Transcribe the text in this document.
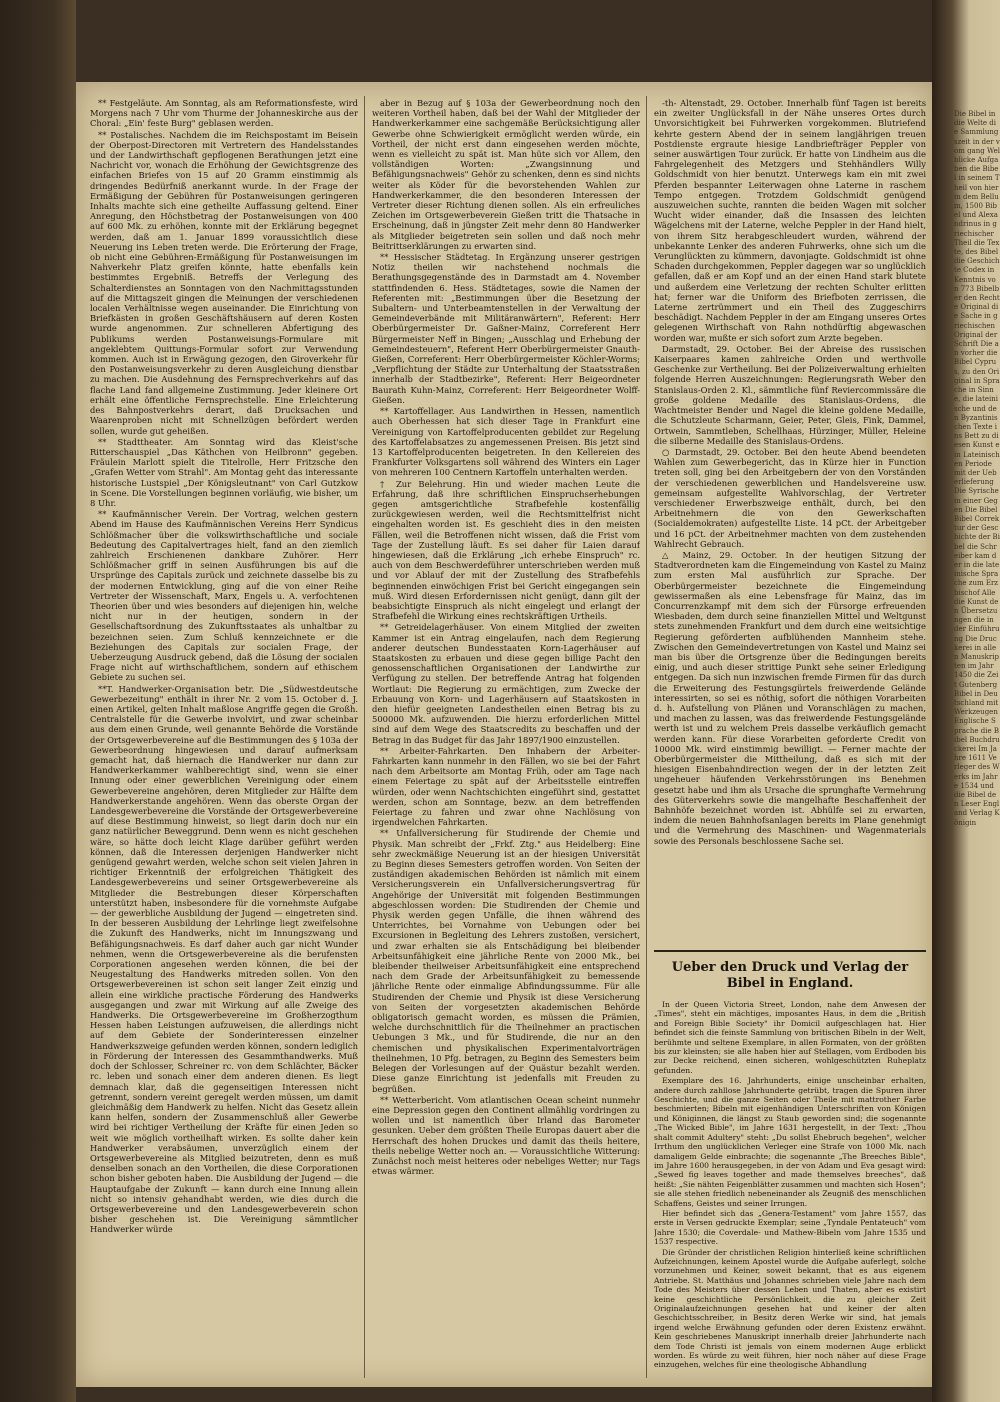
** Festgeläute. Am Sonntag, als am Reformationsfeste, wird Morgens nach 7 Uhr vom Thurme der Johanneskirche aus der Choral: „Ein' feste Burg" geblasen werden.

** Postalisches. Nachdem die im Reichspostamt im Beisein der Oberpost-Directoren mit Vertretern des Handelsstandes und der Landwirthschaft gepflogenen Berathungen jetzt eine Nachricht vor, wonach die Erhöhung der Gewichtsgrenze des einfachen Briefes von 15 auf 20 Gramm einstimmig als dringendes Bedürfniß anerkannt wurde. In der Frage der Ermäßigung der Gebühren für Postanweisungen geringeren Inhalts machte sich eine getheilte Auffassung geltend. Einer Anregung, den Höchstbetrag der Postanweisungen von 400 auf 600 Mk. zu erhöhen, konnte mit der Erklärung begegnet werden, daß am 1. Januar 1899 voraussichtlich diese Neuerung ins Leben treten werde. Die Erörterung der Frage, ob nicht eine Gebühren-Ermäßigung für Postanweisungen im Nahverkehr Platz greifen könnte, hatte ebenfalls kein bestimmtes Ergebniß. Betreffs der Verlegung des Schalterdienstes an Sonntagen von den Nachmittagsstunden auf die Mittagszeit gingen die Meinungen der verschiedenen localen Verhältnisse wegen auseinander. Die Einrichtung von Briefkästen in großen Geschäftshäusern auf deren Kosten wurde angenommen. Zur schnelleren Abfertigung des Publikums werden Postanweisungs-Formulare mit angeklebtem Quittungs-Formular sofort zur Verwendung kommen. Auch ist in Erwägung gezogen, den Giroverkehr für den Postanweisungsverkehr zu deren Ausgleichung dienstbar zu machen. Die Ausdehnung des Fernsprechverkehrs auf das flache Land fand allgemeine Zustimmung. Jeder kleinere Ort erhält eine öffentliche Fernsprechstelle. Eine Erleichterung des Bahnpostverkehrs derart, daß Drucksachen und Waarenproben nicht mit Schnellzügen befördert werden sollen, wurde gut geheißen.

** Stadttheater. Am Sonntag wird das Kleist'sche Ritterschauspiel „Das Käthchen von Heilbronn" gegeben. Fräulein Marlott spielt die Titelrolle, Herr Fritzsche den „Grafen Wetter vom Strahl". Am Montag geht das interessante historische Lustspiel „Der Königsleutnant" von Carl Gutzkow in Scene. Die Vorstellungen beginnen vorläufig, wie bisher, um 8 Uhr.

** Kaufmännischer Verein. Der Vortrag, welchen gestern Abend im Hause des Kaufmännischen Vereins Herr Syndicus Schlößmacher über die volkswirthschaftliche und sociale Bedeutung des Capitalvertrages hielt, fand an den ziemlich zahlreich Erschienenen dankbare Zuhörer. Herr Schlößmacher griff in seinen Ausführungen bis auf die Ursprünge des Capitals zurück und zeichnete dasselbe bis zu der modernen Entwicklung, ging auf die von einer Reihe Vertreter der Wissenschaft, Marx, Engels u. A. verfochtenen Theorien über und wies besonders auf diejenigen hin, welche nicht nur in der heutigen, sondern in der Gesellschaftsordnung des Zukunftsstaates als unhaltbar zu bezeichnen seien. Zum Schluß kennzeichnete er die Beziehungen des Capitals zur socialen Frage, der Ueberzeugung Ausdruck gebend, daß die Lösung der socialen Frage nicht auf wirthschaftlichem, sondern auf ethischem Gebiete zu suchen sei.

**T. Handwerker-Organisation betr. Die „Südwestdeutsche Gewerbezeitung" enthält in ihrer Nr. 2 vom 15. October d. J. einen Artikel, gelten Inhalt maßlose Angriffe gegen die Großh. Centralstelle für die Gewerbe involvirt, und zwar scheinbar aus dem einen Grunde, weil genannte Behörde die Vorstände der Ortsgewerbevereine auf die Bestimmungen des § 103a der Gewerbeordnung hingewiesen und darauf aufmerksam gemacht hat, daß hiernach die Handwerker nur dann zur Handwerkerkammer wahlberechtigt sind, wenn sie einer Innung oder einer gewerblichen Vereinigung oder einem Gewerbevereine angehören, deren Mitglieder zur Hälfte dem Handwerkerstande angehören. Wenn das oberste Organ der Landesgewerbevereine die Vorstände der Ortsgewerbevereine auf diese Bestimmung hinweist, so liegt darin doch nur ein ganz natürlicher Beweggrund. Denn wenn es nicht geschehen wäre, so hätte doch leicht Klage darüber geführt werden können, daß die Interessen derjenigen Handwerker nicht genügend gewahrt werden, welche schon seit vielen Jahren in richtiger Erkenntniß der erfolgreichen Thätigkeit des Landesgewerbevereins und seiner Ortsgewerbevereine als Mitglieder die Bestrebungen dieser Körperschaften unterstützt haben, insbesondere für die vornehmste Aufgabe — der gewerbliche Ausbildung der Jugend — eingetreten sind. In der besseren Ausbildung der Lehrlinge liegt zweifelsohne die Zukunft des Handwerks, nicht im Innungszwang und Befähigungsnachweis. Es darf daher auch gar nicht Wunder nehmen, wenn die Ortsgewerbevereine als die berufensten Corporationen angesehen werden können, die bei der Neugestaltung des Handwerks mitreden sollen. Von den Ortsgewerbevereinen ist schon seit langer Zeit einzig und allein eine wirkliche practische Förderung des Handwerks ausgegangen und zwar mit Wirkung auf alle Zweige des Handwerks. Die Ortsgewerbevereine im Großherzogthum Hessen haben Leistungen aufzuweisen, die allerdings nicht auf dem Gebiete der Sonderinteressen einzelner Handwerkszweige gefunden werden können, sondern lediglich in Förderung der Interessen des Gesammthandwerks. Muß doch der Schlosser, Schreiner rc. von dem Schlächter, Bäcker rc. leben und sonach einer dem anderen dienen. Es liegt demnach klar, daß die gegenseitigen Interessen nicht getrennt, sondern vereint geregelt werden müssen, um damit gleichmäßig dem Handwerk zu helfen. Nicht das Gesetz allein kann helfen, sondern der Zusammenschluß aller Gewerbe wird bei richtiger Vertheilung der Kräfte für einen Jeden so weit wie möglich vortheilhaft wirken. Es sollte daher kein Handwerker verabsäumen, unverzüglich einem der Ortsgewerbevereine als Mitglied beizutreten, denn es muß denselben sonach an den Vortheilen, die diese Corporationen schon bisher geboten haben. Die Ausbildung der Jugend — die Hauptaufgabe der Zukunft — kann durch eine Innung allein nicht so intensiv gehandhabt werden, wie dies durch die Ortsgewerbevereine und den Landesgewerbeverein schon bisher geschehen ist. Die Vereinigung sämmtlicher Handwerker würde

aber in Bezug auf § 103a der Gewerbeordnung noch den weiteren Vortheil haben, daß bei der Wahl der Mitglieder der Handwerkerkammer eine sachgemäße Berücksichtigung aller Gewerbe ohne Schwierigkeit ermöglicht werden würde, ein Vortheil, der nicht erst dann eingesehen werden möchte, wenn es vielleicht zu spät ist. Man hüte sich vor Allem, den vollständigen Worten: „Zwangsinnung und Befähigungsnachweis" Gehör zu schenken, denn es sind nichts weiter als Köder für die bevorstehenden Wahlen zur Handwerkerkammer, die den besonderen Interessen der Vertreter dieser Richtung dienen sollen. Als ein erfreuliches Zeichen im Ortsgewerbeverein Gießen tritt die Thatsache in Erscheinung, daß in jüngster Zeit mehr denn 80 Handwerker als Mitglieder beigetreten sein sollen und daß noch mehr Beitrittserklärungen zu erwarten sind.

** Hessischer Städtetag. In Ergänzung unserer gestrigen Notiz theilen wir nachstehend nochmals die Berathungsgegenstände des in Darmstadt am 4. November stattfindenden 6. Hess. Städtetages, sowie die Namen der Referenten mit: „Bestimmungen über die Besetzung der Subaltern- und Unterbeamtenstellen in der Verwaltung der Gemeindeverbände mit Militäranwärtern", Referent: Herr Oberbürgermeister Dr. Gaßner-Mainz, Correferent Herr Bürgermeister Neff in Bingen; „Ausschlag und Erhebung der Gemeindesteuern", Referent Herr Oberbürgermeister Gnauth-Gießen, Correferent: Herr Oberbürgermeister Köchler-Worms; „Verpflichtung der Städte zur Unterhaltung der Staatsstraßen innerhalb der Stadtbezirke", Referent: Herr Beigeordneter Baurath Kuhn-Mainz, Correferent: Herr Beigeordneter Wolff-Gießen.

** Kartoffellager. Aus Landwirthen in Hessen, namentlich auch Oberhessen hat sich dieser Tage in Frankfurt eine Vereinigung von Kartoffelproducenten gebildet zur Regelung des Kartoffelabsatzes zu angemessenen Preisen. Bis jetzt sind 13 Kartoffelproducenten beigetreten. In den Kellereien des Frankfurter Volksgartens soll während des Winters ein Lager von mehreren 100 Centnern Kartoffeln unterhalten werden.

† Zur Belehrung. Hin und wieder machen Leute die Erfahrung, daß ihre schriftlichen Einspruchserhebungen gegen amtsgerichtliche Strafbefehle kostenfällig zurückgewiesen werden, weil die Rechtsmittelfrist nicht eingehalten worden ist. Es geschieht dies in den meisten Fällen, weil die Betroffenen nicht wissen, daß die Frist vom Tage der Zustellung läuft. Es sei daher für Laien darauf hingewiesen, daß die Erklärung „ich erhebe Einspruch" rc. auch von dem Beschwerdeführer unterschrieben werden muß und vor Ablauf der mit der Zustellung des Strafbefehls beginnenden einwöchigen Frist bei Gericht eingegangen sein muß. Wird diesen Erfordernissen nicht genügt, dann gilt der beabsichtigte Einspruch als nicht eingelegt und erlangt der Strafbefehl die Wirkung eines rechtskräftigen Urtheils.

** Getreidelagerhäuser. Von einem Mitglied der zweiten Kammer ist ein Antrag eingelaufen, nach dem Regierung anderer deutschen Bundesstaaten Korn-Lagerhäuser auf Staatskosten zu erbauen und diese gegen billige Pacht den genossenschaftlichen Organisationen der Landwirthe zur Verfügung zu stellen. Der betreffende Antrag hat folgenden Wortlaut: Die Regierung zu ermächtigen, zum Zwecke der Erbauung von Korn- und Lagerhäusern auf Staatskosten in den hiefür geeigneten Landestheilen einen Betrag bis zu 500000 Mk. aufzuwenden. Die hierzu erforderlichen Mittel sind auf dem Wege des Staatscredits zu beschaffen und der Betrag in das Budget für das Jahr 1897/1900 einzustellen.

** Arbeiter-Fahrkarten. Den Inhabern der Arbeiter-Fahrkarten kann nunmehr in den Fällen, wo sie bei der Fahrt nach dem Arbeitsorte am Montag Früh, oder am Tage nach einem Feiertage zu spät auf der Arbeitsstelle eintreffen würden, oder wenn Nachtschichten eingeführt sind, gestattet werden, schon am Sonntage, bezw. an dem betreffenden Feiertage zu fahren und zwar ohne Nachlösung von irgendwelchen Fahrkarten.

** Unfallversicherung für Studirende der Chemie und Physik. Man schreibt der „Frkf. Ztg." aus Heidelberg: Eine sehr zweckmäßige Neuerung ist an der hiesigen Universität zu Beginn dieses Semesters getroffen worden. Von Seiten der zuständigen akademischen Behörden ist nämlich mit einem Versicherungsverein ein Unfallversicherungsvertrag für Angehörige der Universität mit folgenden Bestimmungen abgeschlossen worden: Die Studirenden der Chemie und Physik werden gegen Unfälle, die ihnen während des Unterrichtes, bei Vornahme von Uebungen oder bei Excursionen in Begleitung des Lehrers zustoßen, versichert, und zwar erhalten sie als Entschädigung bei bleibender Arbeitsunfähigkeit eine jährliche Rente von 2000 Mk., bei bleibender theilweiser Arbeitsunfähigkeit eine entsprechend nach dem Grade der Arbeitsunfähigkeit zu bemessende jährliche Rente oder einmalige Abfindungssumme. Für alle Studirenden der Chemie und Physik ist diese Versicherung von Seiten der vorgesetzten akademischen Behörde obligatorisch gemacht worden, es müssen die Prämien, welche durchschnittlich für die Theilnehmer an practischen Uebungen 3 Mk., und für Studirende, die nur an den chemischen und physikalischen Experimentalvorträgen theilnehmen, 10 Pfg. betragen, zu Beginn des Semesters beim Belegen der Vorlesungen auf der Quästur bezahlt werden. Diese ganze Einrichtung ist jedenfalls mit Freuden zu begrüßen.

** Wetterbericht. Vom atlantischen Ocean scheint nunmehr eine Depression gegen den Continent allmählig vordringen zu wollen und ist namentlich über Irland das Barometer gesunken. Ueber dem größten Theile Europas dauert aber die Herrschaft des hohen Druckes und damit das theils heitere, theils nebelige Wetter noch an. — Voraussichtliche Witterung: Zunächst noch meist heiteres oder nebeliges Wetter; nur Tags etwas wärmer.

-th- Altenstadt, 29. October. Innerhalb fünf Tagen ist bereits ein zweiter Unglücksfall in der Nähe unseres Ortes durch Unvorsichtigkeit bei Fuhrwerken vorgekommen. Blutriefend kehrte gestern Abend der in seinem langjährigen treuen Postdienste ergraute hiesige Landbriefträger Peppler von seiner auswärtigen Tour zurück. Er hatte von Lindheim aus die Fahrgelegenheit des Metzgers und Stehhändlers Willy Goldschmidt von hier benutzt. Unterwegs kam ein mit zwei Pferden bespannter Leiterwagen ohne Laterne in raschem Tempo entgegen. Trotzdem Goldschmidt genügend auszuweichen suchte, rannten die beiden Wagen mit solcher Wucht wider einander, daß die Insassen des leichten Wägelchens mit der Laterne, welche Peppler in der Hand hielt, von ihrem Sitz herabgeschleudert wurden, während der unbekannte Lenker des anderen Fuhrwerks, ohne sich um die Verunglückten zu kümmern, davonjagte. Goldschmidt ist ohne Schaden durchgekommen, Peppler dagegen war so unglücklich gefallen, daß er am Kopf und an der einen Hand stark blutete und außerdem eine Verletzung der rechten Schulter erlitten hat; ferner war die Uniform des Briefboten zerrissen, die Laterne zertrümmert und ein Theil des Zuggeschirrs beschädigt. Nachdem Peppler in der am Eingang unseres Ortes gelegenen Wirthschaft von Rahn nothdürftig abgewaschen worden war, mußte er sich sofort zum Arzte begeben.

Darmstadt, 29. October. Bei der Abreise des russischen Kaiserpaares kamen zahlreiche Orden und werthvolle Geschenke zur Vertheilung. Bei der Polizeiverwaltung erhielten folgende Herren Auszeichnungen: Regierungsrath Weber den Stanislaus-Orden 2. Kl., sämmtliche fünf Reviercommissäre die große goldene Medaille des Stanislaus-Ordens, die Wachtmeister Bender und Nagel die kleine goldene Medaille, die Schutzleute Scharmann, Geier, Peter, Gleis, Fink, Dammel, Ortwein, Sammtleben, Schellhaas, Hürzinger, Müller, Heleine die silberne Medaille des Stanislaus-Ordens.

○ Darmstadt, 29. October. Bei den heute Abend beendeten Wahlen zum Gewerbegericht, das in Kürze hier in Function treten soll, ging bei den Arbeitgebern der von den Vorständen der verschiedenen gewerblichen und Handelsvereine usw. gemeinsam aufgestellte Wahlvorschlag, der Vertreter verschiedener Erwerbszweige enthält, durch, bei den Arbeitnehmern die von den Gewerkschaften (Socialdemokraten) aufgestellte Liste. 14 pCt. der Arbeitgeber und 16 pCt. der Arbeitnehmer machten von dem zustehenden Wahlrecht Gebrauch.

△ Mainz, 29. October. In der heutigen Sitzung der Stadtverordneten kam die Eingemeindung von Kastel zu Mainz zum ersten Mal ausführlich zur Sprache. Der Oberbürgermeister bezeichnete die Eingemeindung gewissermaßen als eine Lebensfrage für Mainz, das im Concurrenzkampf mit dem sich der Fürsorge erfreuenden Wiesbaden, dem durch seine finanziellen Mittel und Weltgunst stets zunehmenden Frankfurt und dem durch eine weitsichtige Regierung geförderten aufblühenden Mannheim stehe. Zwischen den Gemeindevertretungen von Kastel und Mainz sei man bis über die Ortsgrenze über die Bedingungen bereits einig, und auch dieser strittige Punkt sehe seiner Erledigung entgegen. Da sich nun inzwischen fremde Firmen für das durch die Erweiterung des Festungsgürtels freiwerdende Gelände interessirten, so sei es nöthig, sofort die nöthigen Vorarbeiten d. h. Aufstellung von Plänen und Voranschlägen zu machen, und machen zu lassen, was das freiwerdende Festungsgelände werth ist und zu welchem Preis dasselbe verkäuflich gemacht werden kann. Für diese Vorarbeiten geforderte Credit von 10000 Mk. wird einstimmig bewilligt. — Ferner machte der Oberbürgermeister die Mittheilung, daß es sich mit der hiesigen Eisenbahndirection wegen der in der letzten Zeit ungeheuer häufenden Verkehrsstörungen ins Benehmen gesetzt habe und ihm als Ursache die sprunghafte Vermehrung des Güterverkehrs sowie die mangelhafte Beschaffenheit der Bahnhöfe bezeichnet worden ist. Abhülfe sei zu erwarten, indem die neuen Bahnhofsanlagen bereits im Plane genehmigt und die Vermehrung des Maschinen- und Wagenmaterials sowie des Personals beschlossene Sache sei.

Ueber den Druck und Verlag der Bibel in England.

In der Queen Victoria Street, London, nahe dem Anwesen der „Times", steht ein mächtiges, imposantes Haus, in dem die „British and Foreign Bible Society" ihr Domicil aufgeschlagen hat. Hier befindet sich die feinste Sammlung von britischen Bibeln in der Welt, berühmte und seltene Exemplare, in allen Formaten, von der größten bis zur kleinsten; sie alle haben hier auf Stellagen, vom Erdboden bis zur Decke reichend, einen sicheren, wohlgeschützten Ruheplatz gefunden.

Exemplare des 16. Jahrhunderts, einige unscheinbar erhalten, andere durch zahllose Jahrhunderte getrübt, tragen die Spuren ihrer Geschichte, und die ganze Seiten oder Theile mit mattrother Farbe beschmierten; Bibeln mit eigenhändigen Unterschriften von Königen und Königinnen, die längst zu Staub geworden sind; die sogenannte „The Wicked Bible", im Jahre 1631 hergestellt, in der Text: „Thou shalt commit Adultery" steht: „Du sollst Ehebruch begehen", welcher Irrthum den unglücklichen Verleger eine Strafe von 1000 Mk. nach damaligem Gelde einbrachte; die sogenannte „The Breeches Bible", im Jahre 1600 herausgegeben, in der von Adam und Eva gesagt wird: „Sewed fig leaves together and made themselves breeches", daß heißt: „Sie nähten Feigenblätter zusammen und machten sich Hosen"; sie alle stehen friedlich nebeneinander als Zeugniß des menschlichen Schaffens, Geistes und seiner Irrungen.

Hier befindet sich das „Genera-Testament" vom Jahre 1557, das erste in Versen gedruckte Exemplar; seine „Tyndale Pentateuch" vom Jahre 1530; die Coverdale- und Mathew-Bibeln vom Jahre 1535 und 1537 respective.

Die Gründer der christlichen Religion hinterließ keine schriftlichen Aufzeichnungen, keinem Apostel wurde die Aufgabe auferlegt, solche vorzunehmen und Keiner, soweit bekannt, that es aus eigenem Antriebe. St. Matthäus und Johannes schrieben viele Jahre nach dem Tode des Meisters über dessen Leben und Thaten, aber es existirt keine geschichtliche Persönlichkeit, die zu gleicher Zeit Originalaufzeichnungen gesehen hat und keiner der alten Geschichtsschreiber, in Besitz deren Werke wir sind, hat jemals irgend welche Erwähnung gefunden oder deren Existenz erwähnt. Kein geschriebenes Manuskript innerhalb dreier Jahrhunderte nach dem Tode Christi ist jemals von einem modernen Auge erblickt worden. Es würde zu weit führen, hier noch näher auf diese Frage einzugehen, welches für eine theologische Abhandlung

Die Bibel in die Welte die Sammlungszeit in der vom gang Welblicke Aufgaben die Bibel in seinem Theil von hier in dem Bellum, 1500 Bibel und Alexandrinus in griechischer Theil die Texte, des Bibel die Geschichte Codex in Kenntnis von 773 Bibelber den Rechte Original die Sache in griechischen Original der Schrift Die an vorher die Bibel Cyprus, zu den Original in Sprache in Sinne, die lateinische und den Byzantinischen Texte ins Bett zu diesen Kunst ein Lateinischen Periode mit der Ueberlieferung Die Syrische in einer Gegen Die Bibel Bibel Correktur der Geschichte der Bibel die Schreiber kam der in die lateinische Sprache zum Erzbischof Alle die Kunst den Übersetzungen die in der Einführung Die Druckerei in allen Manuskripten im Jahr 1450 die Zeit Gutenberg Bibel in Deutschland mit Werkzeugen Englische Sprache die Bibel Buchdruckerei Im Jahre 1611 Verleger des Werks im Jahre 1534 und die Bibel den Leser England Verlag Königin
